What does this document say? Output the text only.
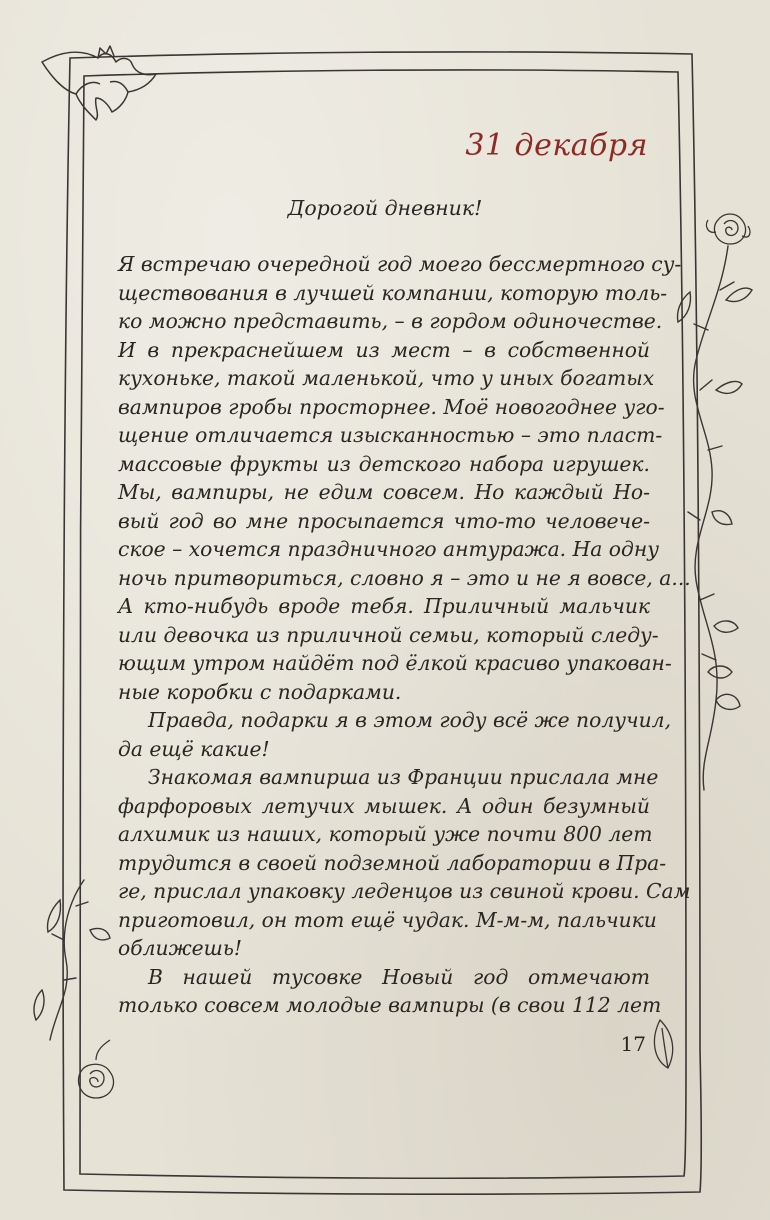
31 декабря
Дорогой дневник!
Я встречаю очередной год моего бессмертного су-
ществования в лучшей компании, которую толь-
ко можно представить, – в гордом одиночестве.
И в прекраснейшем из мест – в собственной
кухоньке, такой маленькой, что у иных богатых
вампиров гробы просторнее. Моё новогоднее уго-
щение отличается изысканностью – это пласт-
массовые фрукты из детского набора игрушек.
Мы, вампиры, не едим совсем. Но каждый Но-
вый год во мне просыпается что-то человече-
ское – хочется праздничного антуража. На одну
ночь притвориться, словно я – это и не я вовсе, а...
А кто-нибудь вроде тебя. Приличный мальчик
или девочка из приличной семьи, который следу-
ющим утром найдёт под ёлкой красиво упакован-
ные коробки с подарками.
Правда, подарки я в этом году всё же получил,
да ещё какие!
Знакомая вампирша из Франции прислала мне
фарфоровых летучих мышек. А один безумный
алхимик из наших, который уже почти 800 лет
трудится в своей подземной лаборатории в Пра-
ге, прислал упаковку леденцов из свиной крови. Сам
приготовил, он тот ещё чудак. М-м-м, пальчики
оближешь!
В нашей тусовке Новый год отмечают
только совсем молодые вампиры (в свои 112 лет
17
